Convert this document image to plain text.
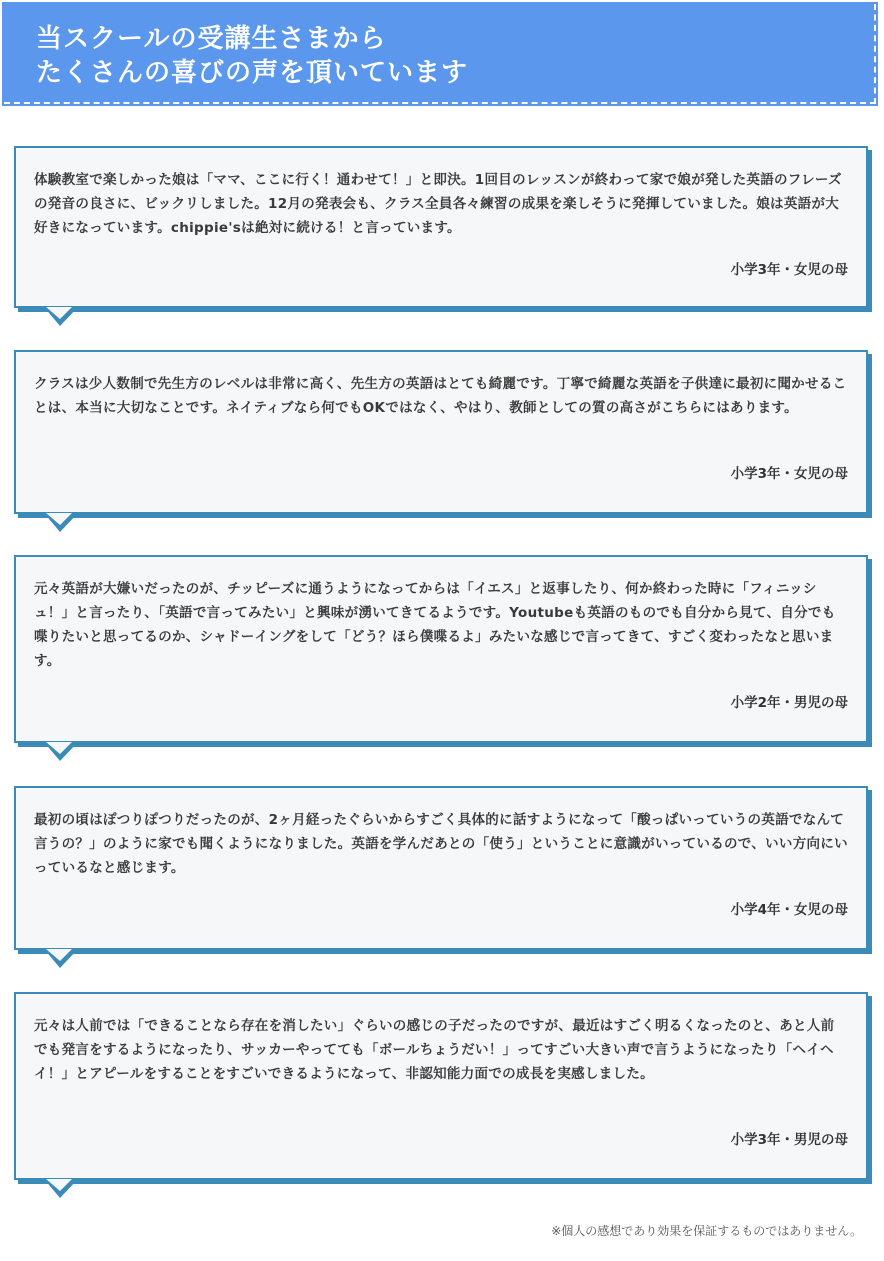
当スクールの受講生さまから
たくさんの喜びの声を頂いています

体験教室で楽しかった娘は「ママ、ここに行く！通わせて！」と即決。1回目のレッスンが終わって家で娘が発した英語のフレーズの発音の良さに、ビックリしました。12月の発表会も、クラス全員各々練習の成果を楽しそうに発揮していました。娘は英語が大好きになっています。chippie'sは絶対に続ける！と言っています。

小学3年・女児の母

クラスは少人数制で先生方のレベルは非常に高く、先生方の英語はとても綺麗です。丁寧で綺麗な英語を子供達に最初に聞かせることは、本当に大切なことです。ネイティブなら何でもOKではなく、やはり、教師としての質の高さがこちらにはあります。

小学3年・女児の母

元々英語が大嫌いだったのが、チッピーズに通うようになってからは「イエス」と返事したり、何か終わった時に「フィニッシュ！」と言ったり、「英語で言ってみたい」と興味が湧いてきてるようです。Youtubeも英語のものでも自分から見て、自分でも喋りたいと思ってるのか、シャドーイングをして「どう？ほら僕喋るよ」みたいな感じで言ってきて、すごく変わったなと思います。

小学2年・男児の母

最初の頃はぽつりぽつりだったのが、2ヶ月経ったぐらいからすごく具体的に話すようになって「酸っぱいっていうの英語でなんて言うの？」のように家でも聞くようになりました。英語を学んだあとの「使う」ということに意識がいっているので、いい方向にいっているなと感じます。

小学4年・女児の母

元々は人前では「できることなら存在を消したい」ぐらいの感じの子だったのですが、最近はすごく明るくなったのと、あと人前でも発言をするようになったり、サッカーやってても「ボールちょうだい！」ってすごい大きい声で言うようになったり「ヘイヘイ！」とアピールをすることをすごいできるようになって、非認知能力面での成長を実感しました。

小学3年・男児の母
※個人の感想であり効果を保証するものではありません。
